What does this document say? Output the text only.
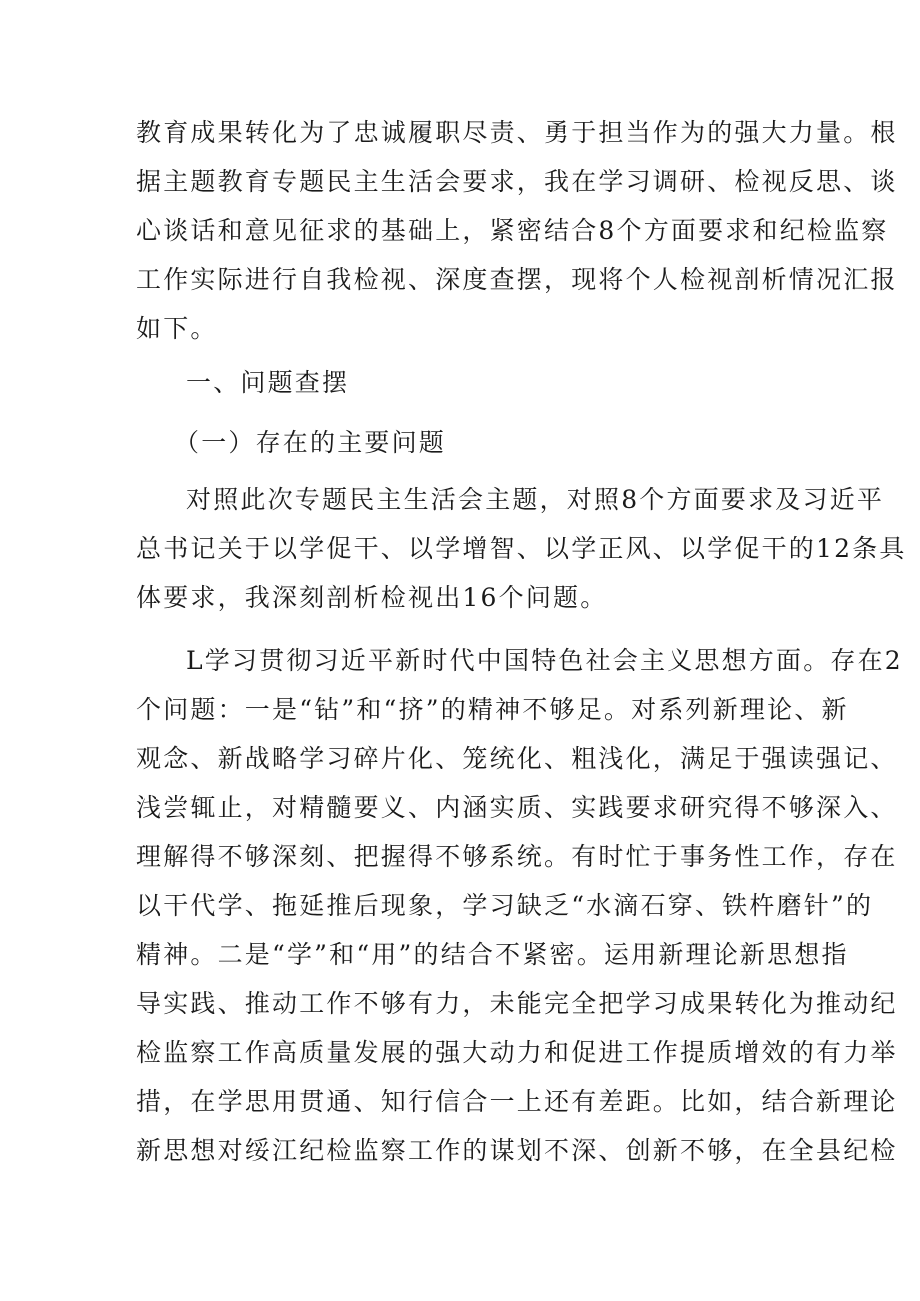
教育成果转化为了忠诚履职尽责、勇于担当作为的强大力量。根
据主题教育专题民主生活会要求，我在学习调研、检视反思、谈
心谈话和意见征求的基础上，紧密结合8个方面要求和纪检监察
工作实际进行自我检视、深度查摆，现将个人检视剖析情况汇报
如下。
一、问题查摆
（一）存在的主要问题
对照此次专题民主生活会主题，对照8个方面要求及习近平
总书记关于以学促干、以学增智、以学正风、以学促干的12条具
体要求，我深刻剖析检视出16个问题。
L学习贯彻习近平新时代中国特色社会主义思想方面。存在2
个问题：一是“钻”和“挤”的精神不够足。对系列新理论、新
观念、新战略学习碎片化、笼统化、粗浅化，满足于强读强记、
浅尝辄止，对精髓要义、内涵实质、实践要求研究得不够深入、
理解得不够深刻、把握得不够系统。有时忙于事务性工作，存在
以干代学、拖延推后现象，学习缺乏“水滴石穿、铁杵磨针”的
精神。二是“学”和“用”的结合不紧密。运用新理论新思想指
导实践、推动工作不够有力，未能完全把学习成果转化为推动纪
检监察工作高质量发展的强大动力和促进工作提质增效的有力举
措，在学思用贯通、知行信合一上还有差距。比如，结合新理论
新思想对绥江纪检监察工作的谋划不深、创新不够，在全县纪检
